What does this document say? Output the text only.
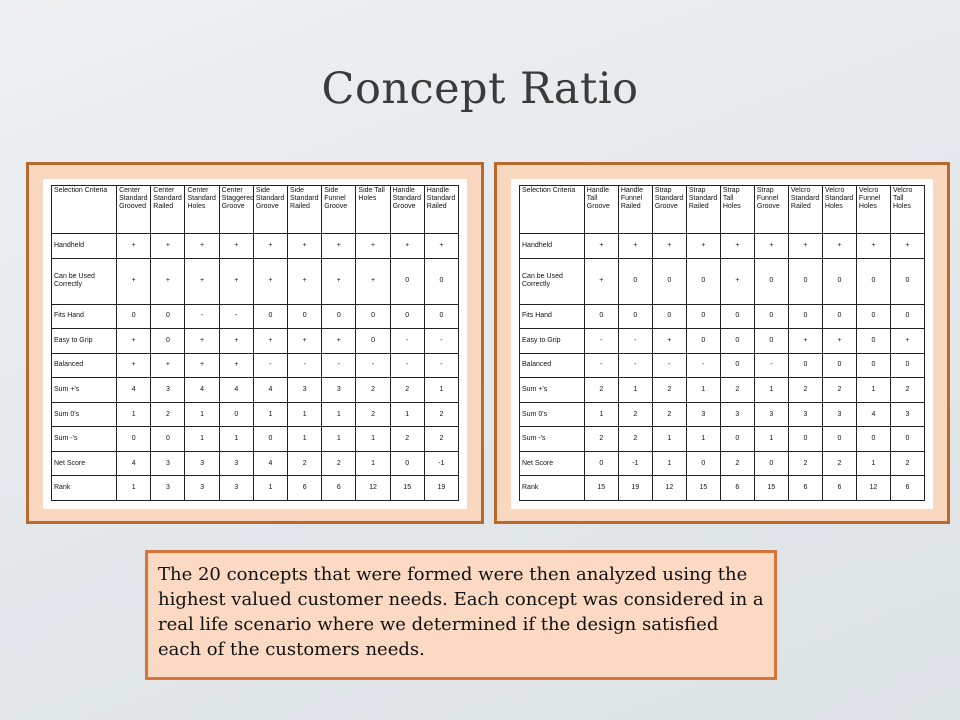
Concept Ratio
Selection Criteria	Center Standard Grooved	Center Standard Railed	Center Standard Holes	Center Staggered Groove	Side Standard Groove	Side Standard Railed	Side Funnel Groove	Side Tall Holes	Handle Standard Groove	Handle Standard Railed
Handheld	+	+	+	+	+	+	+	+	+	+
Can be Used Correctly	+	+	+	+	+	+	+	+	0	0
Fits Hand	0	0	-	-	0	0	0	0	0	0
Easy to Grip	+	0	+	+	+	+	+	0	-	-
Balanced	+	+	+	+	-	-	-	-	-	-
Sum +'s	4	3	4	4	4	3	3	2	2	1
Sum 0's	1	2	1	0	1	1	1	2	1	2
Sum -'s	0	0	1	1	0	1	1	1	2	2
Net Score	4	3	3	3	4	2	2	1	0	-1
Rank	1	3	3	3	1	6	6	12	15	19
Selection Criteria	Handle Tall Groove	Handle Funnel Railed	Strap Standard Groove	Strap Standard Railed	Strap Tall Holes	Strap Funnel Groove	Velcro Standard Railed	Velcro Standard Holes	Velcro Funnel Holes	Velcro Tall Holes
Handheld	+	+	+	+	+	+	+	+	+	+
Can be Used Correctly	+	0	0	0	+	0	0	0	0	0
Fits Hand	0	0	0	0	0	0	0	0	0	0
Easy to Grip	-	-	+	0	0	0	+	+	0	+
Balanced	-	-	-	-	0	-	0	0	0	0
Sum +'s	2	1	2	1	2	1	2	2	1	2
Sum 0's	1	2	2	3	3	3	3	3	4	3
Sum -'s	2	2	1	1	0	1	0	0	0	0
Net Score	0	-1	1	0	2	0	2	2	1	2
Rank	15	19	12	15	6	15	6	6	12	6

The 20 concepts that were formed were then analyzed using the highest valued customer needs. Each concept was considered in a real life scenario where we determined if the design satisfied each of the customers needs.
